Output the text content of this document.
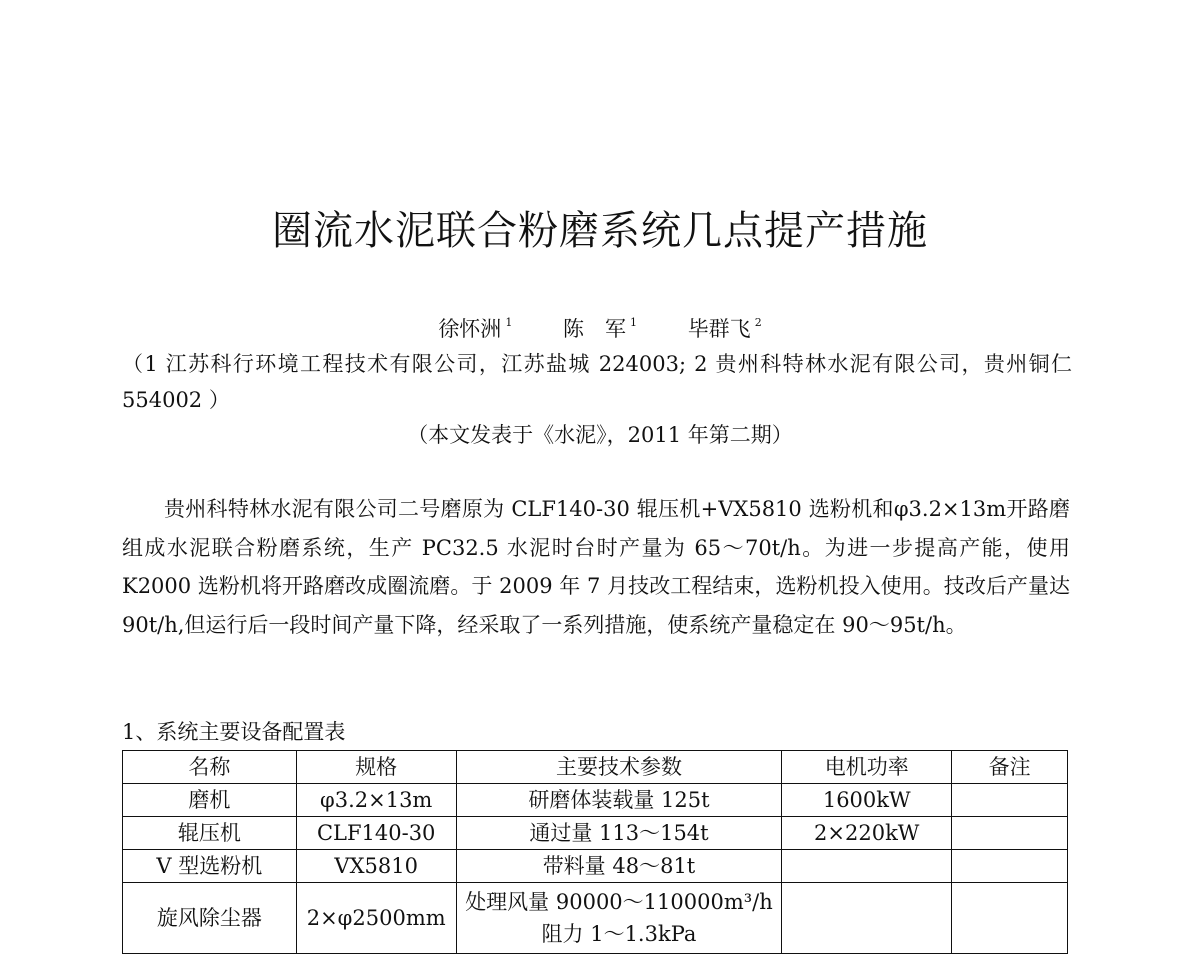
圈流水泥联合粉磨系统几点提产措施
徐怀洲 $^1$ 陈　军 $^1$ 毕群飞 $^2$
（1 江苏科行环境工程技术有限公司，江苏盐城 224003; 2 贵州科特林水泥有限公司，贵州铜仁 554002 ）
（本文发表于《水泥》，2011 年第二期）
贵州科特林水泥有限公司二号磨原为 CLF140-30 辊压机+VX5810 选粉机和φ3.2×13m开路磨组成水泥联合粉磨系统，生产 PC32.5 水泥时台时产量为 65～70t/h。为进一步提高产能，使用 K2000 选粉机将开路磨改成圈流磨。于 2009 年 7 月技改工程结束，选粉机投入使用。技改后产量达 90t/h,但运行后一段时间产量下降，经采取了一系列措施，使系统产量稳定在 90～95t/h。
1、系统主要设备配置表
名称	规格	主要技术参数	电机功率	备注
磨机	φ3.2×13m	研磨体装载量 125t	1600kW	
辊压机	CLF140-30	通过量 113～154t	2×220kW	
V 型选粉机	VX5810	带料量 48～81t		
旋风除尘器	2×φ2500mm	处理风量 90000～110000m³/h
阻力 1～1.3kPa		
